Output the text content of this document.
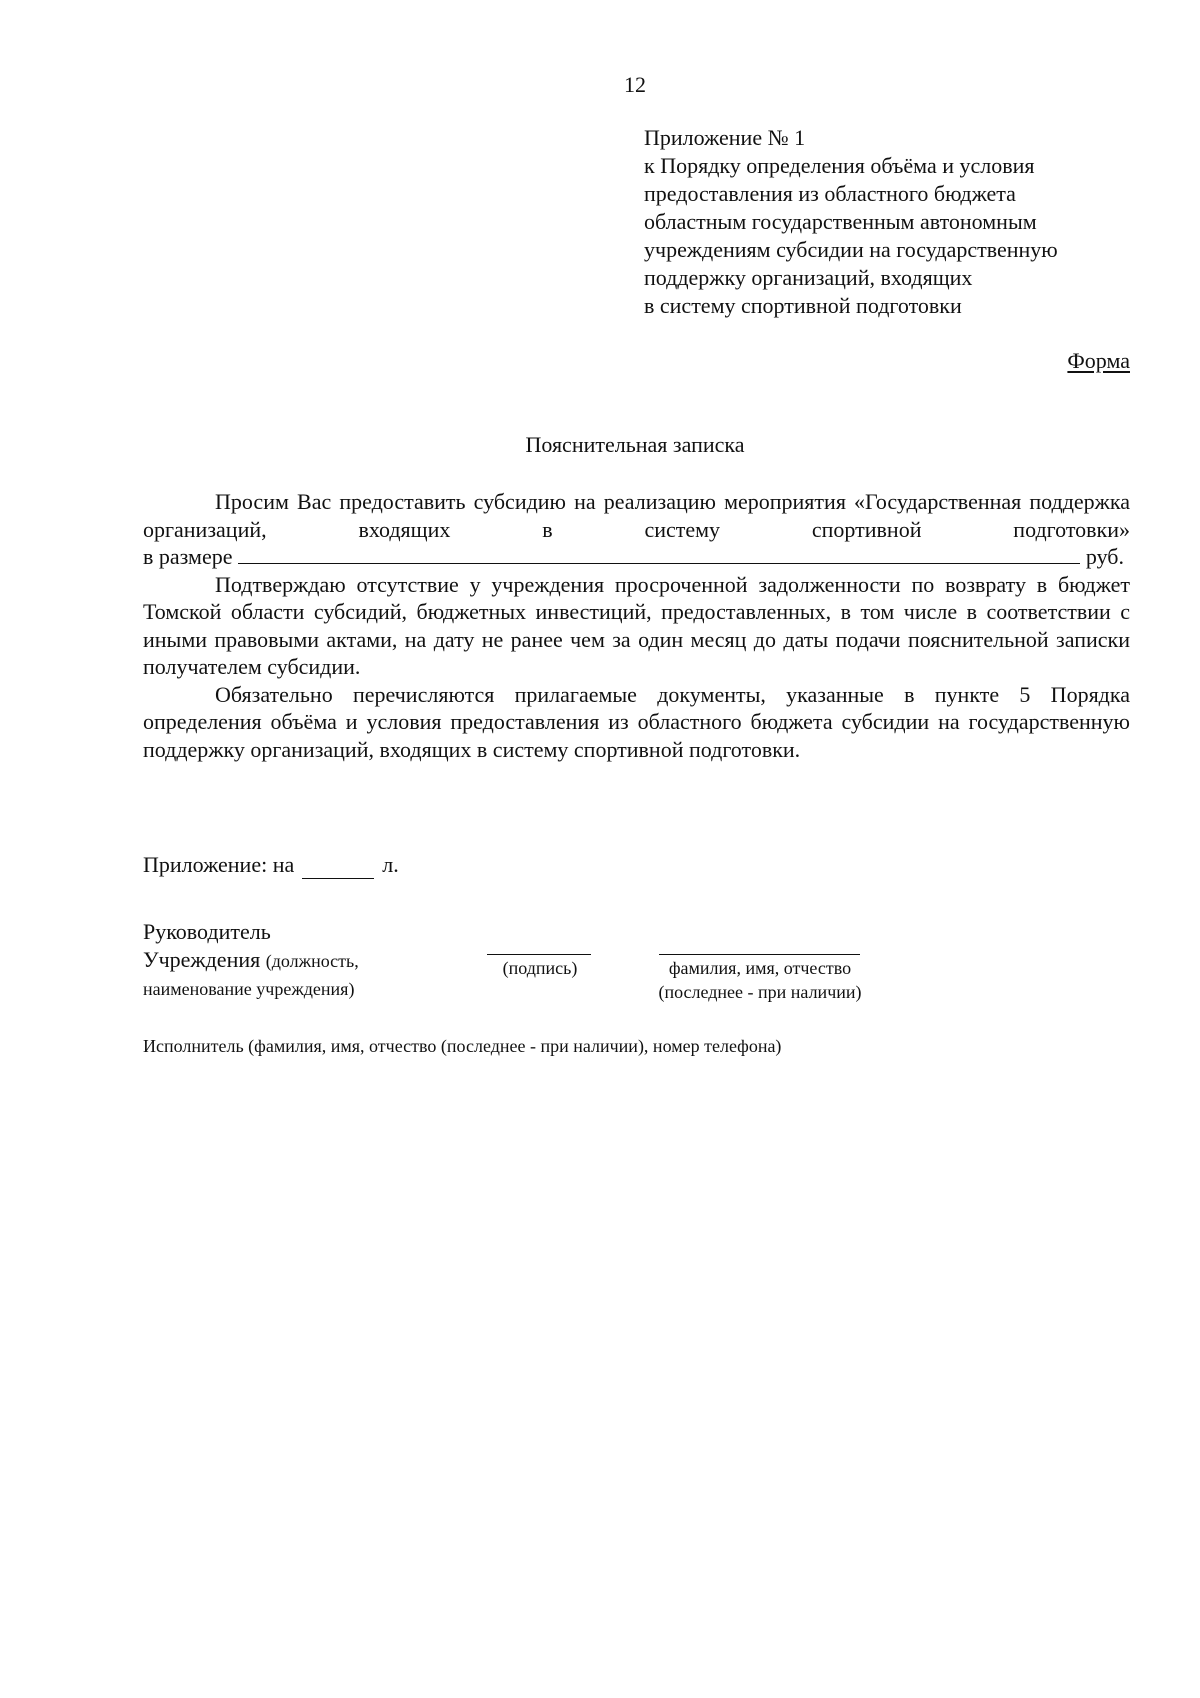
12
Приложение № 1
к Порядку определения объёма и условия
предоставления из областного бюджета
областным государственным автономным
учреждениям субсидии на государственную
поддержку организаций, входящих
в систему спортивной подготовки
Форма
Пояснительная записка

Просим Вас предоставить субсидию на реализацию мероприятия «Государственная поддержка организаций, входящих в систему спортивной подготовки»

в размере	руб.

Подтверждаю отсутствие у учреждения просроченной задолженности по возврату в бюджет Томской области субсидий, бюджетных инвестиций, предоставленных, в том числе в соответствии с иными правовыми актами, на дату не ранее чем за один месяц до даты подачи пояснительной записки получателем субсидии.

Обязательно перечисляются прилагаемые документы, указанные в пункте 5 Порядка определения объёма и условия предоставления из областного бюджета субсидии на государственную поддержку организаций, входящих в систему спортивной подготовки.

Приложение: на
	л.
Руководитель
Учреждения (должность,
наименование учреждения)
(подпись)	фамилия, имя, отчество
(последнее - при наличии)
Исполнитель (фамилия, имя, отчество (последнее - при наличии), номер телефона)
